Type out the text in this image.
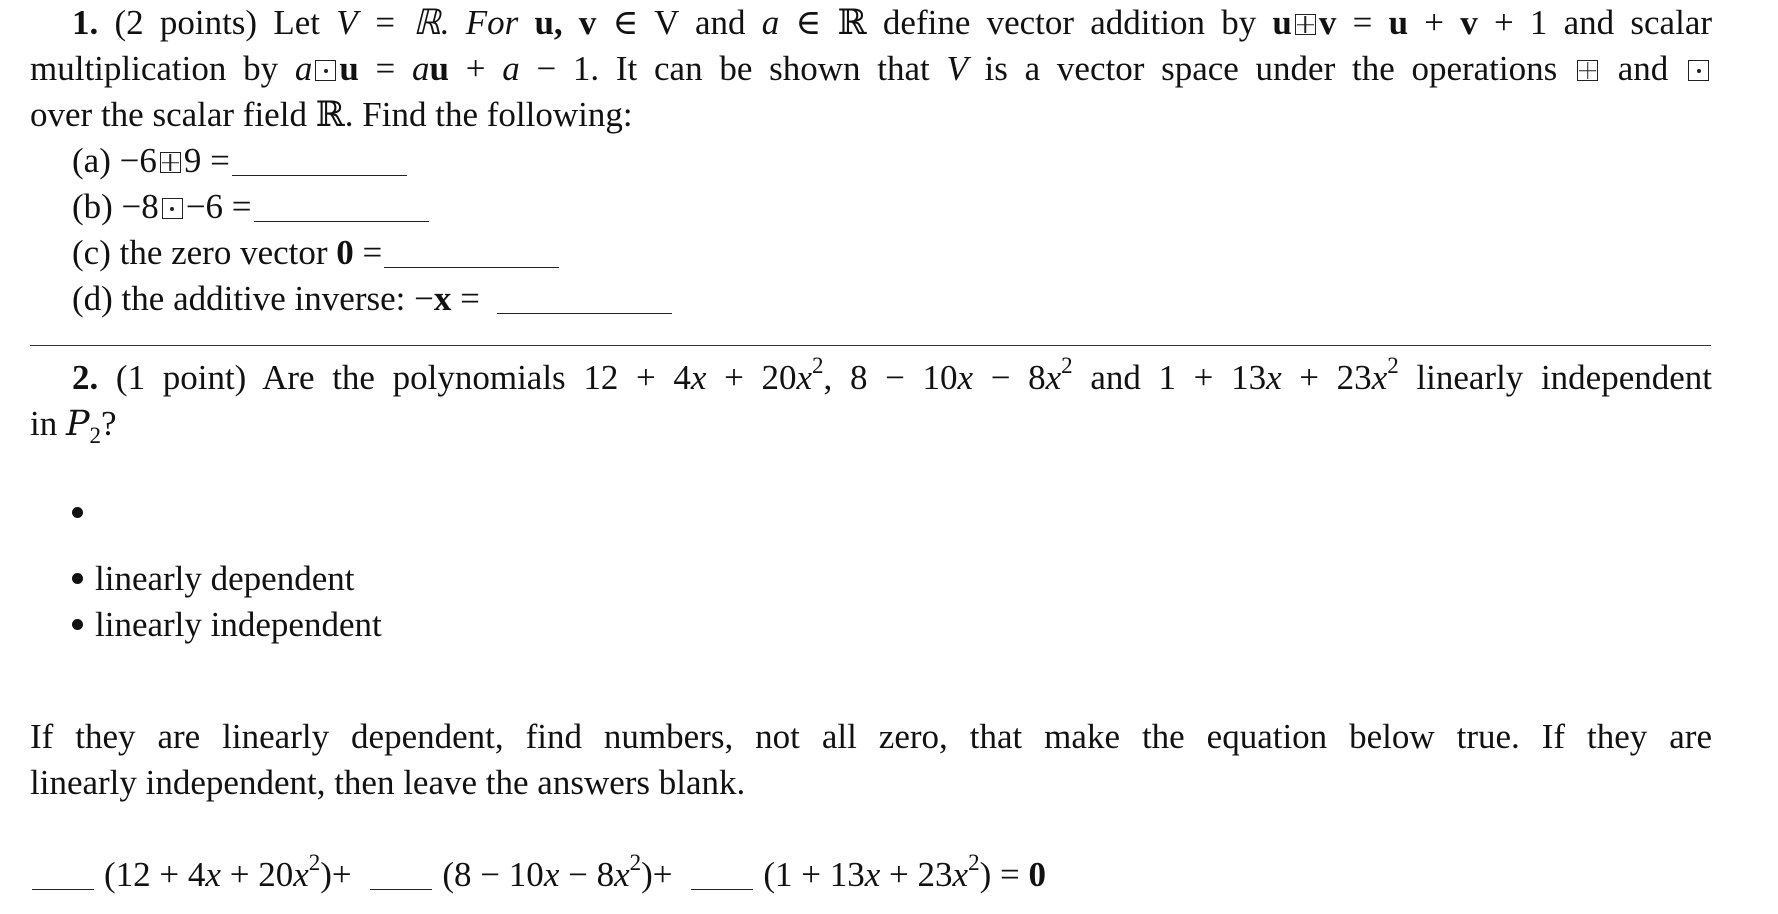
1. (2 points) Let V = ℝ. For u, v ∈ V and a ∈ ℝ define vector addition by u v = u + v + 1 and scalar
multiplication by a u = au + a − 1. It can be shown that V is a vector space under the operations  and
over the scalar field ℝ. Find the following:
(a) −6 9 =
(b) −8 −6 =
(c) the zero vector 0 =
(d) the additive inverse: −x =
2. (1 point) Are the polynomials $12 + 4x + 20x^2$, $8 - 10x - 8x^2$ and $1 + 13x + 23x^2$ linearly independent
in $P_2$?
linearly dependent
linearly independent
If they are linearly dependent, find numbers, not all zero, that make the equation below true. If they are
linearly independent, then leave the answers blank.
$(12 + 4x + 20x^2)+$	$(8 - 10x - 8x^2)+$	$(1 + 13x + 23x^2) = 0$
